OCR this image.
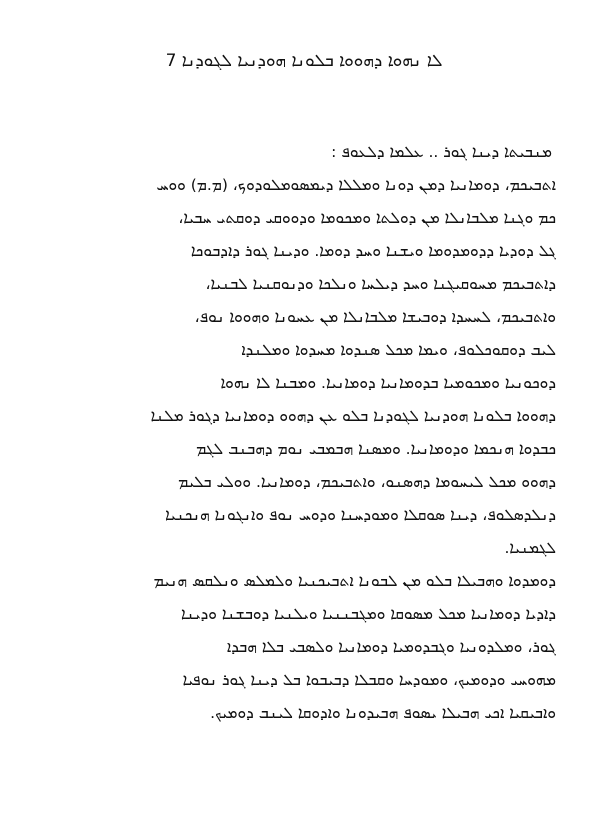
ܠܐ ܢܗܘܐ ܕܗܘܘܐ ܒܠܘܢܐ ܗܘܕܢܝܐ ܠܓܘܕܢܐ 7
ܡܢܒܝܬܐ ܕܝܢܐ ܓܘܪ .. ܥܠܡܐ ܕܠܥܘܦ :
ܐܬܒܝܟܡ، ܕܘܡܐܢܝܐ ܕܡܢ ܕܘܢܐ ܘܡܠܠܐ ܕܝܡܣܘܡܠܘܕܘܟ، (ܡ.ܡ) ܘܘܚ
ܟܡ ܘܓܢܐ ܡܠܒܐܢܠܐ ܡܢ ܕܘܠܬܐ ܘܡܟܘܡܐ ܘܕܘܘܩܝ ܕܘܩܬܝ ܚܒܝܐ،
ܓܠ ܕܘܕܝܐ ܕܕܘܡܕܘܡܐ ܘܝܫܢܐ ܘܚܕ ܕܘܡܐ. ܘܕܝܢܐ ܓܘܪ ܕܐܕܒܘܟܐ
ܕܐܬܒܝܟܡ ܡܚܘܩܝܓܢܐ ܘܚܕ ܕܝܠܚܐ ܘܢܠܟܐ ܘܕܢܘܩܢܝܐ ܠܒܢܝܐ،
ܘܐܬܒܝܟܡ، ܠܚܚܕܐ ܕܘܒܝܫܐ ܡܠܒܐܢܠܐ ܡܢ ܥܚܘܢܐ ܘܗܘܘܐ ܢܘܦ،
ܠܝܒ ܕܘܩܘܟܠܘܦ، ܘܝܡܐ ܡܟܠ ܣܢܕܘܐ ܡܚܕܘܐ ܘܡܠܢܕܐ
ܕܘܟܘܢܝܐ ܘܡܟܘܡܝܐ ܒܕܘܡܐܢܝܐ ܕܘܡܐܢܝܐ. ܘܡܒܢܐ ܠܐ ܢܗܘܐ
ܕܗܘܘܐ ܒܠܘܢܐ ܗܘܕܢܝܐ ܠܓܘܕܢܐ ܒܠܘ ܥܢ ܕܗܘܘ ܕܘܡܐܢܝܐ ܕܓܘܪ ܡܠܢܐ
ܟܒܕܘܐ ܗܢܟܡܐ ܘܕܘܡܐܢܝܐ. ܘܡܣܢܐ ܗܒܡܒܝ ܢܘܡ ܕܗܒܢܒ ܠܓܡ
ܕܗܘܘ ܡܟܠ ܠܝܚܘܡܐ ܕܗܣܢܘ، ܘܐܬܒܝܟܡ، ܕܘܡܐܢܝܐ. ܘܘܠܝ ܒܠܝܡ
ܕܢܠܕܣܠܘܦ، ܕܝܢܐ ܣܘܩܠܐ ܘܡܘܕܚܢܐ ܘܕܘܚ ܢܘܦ ܘܐܢܓܘܢܐ ܗܢܟܢܝܐ
ܠܓܡܢܝܐ.
ܕܘܡܕܘܐ ܘܗܒܝܠܐ ܒܠܘ ܡܢ ܠܒܘܢܐ ܐܬܒܝܟܢܝܐ ܘܠܡܠܣ ܘܢܠܩܣ ܗܢܝܡ
ܕܐܕܝܐ ܕܘܡܐܢܝܐ ܡܟܠ ܡܣܘܩܐ ܘܡܓܒܢܢܝܐ ܘܝܠܢܝܐ ܕܘܒܫܢܐ ܘܕܝܢܐ
ܓܘܪ، ܘܡܠܕܘܢܝܐ ܘܓܒܕܘܡܝܐ ܕܘܡܐܢܝܐ ܘܠܣܒܝ ܒܠܐ ܗܒܕܐ
ܡܗܘܚܝ ܘܕܘܡܝܟ، ܘܡܘܕܚܐ ܘܩܒܠܐ ܕܒܝܒܘܐ ܒܠ ܕܝܢܐ ܓܘܪ ܢܘܦܝܐ
ܘܐܒܝܩܝܐ ܐܟܝ ܗܒܝܠܐ ܝܣܘܦ ܗܒܝܕܘܢܐ ܘܐܕܘܩܐ ܠܝܢܒ ܕܘܡܝܟ.
